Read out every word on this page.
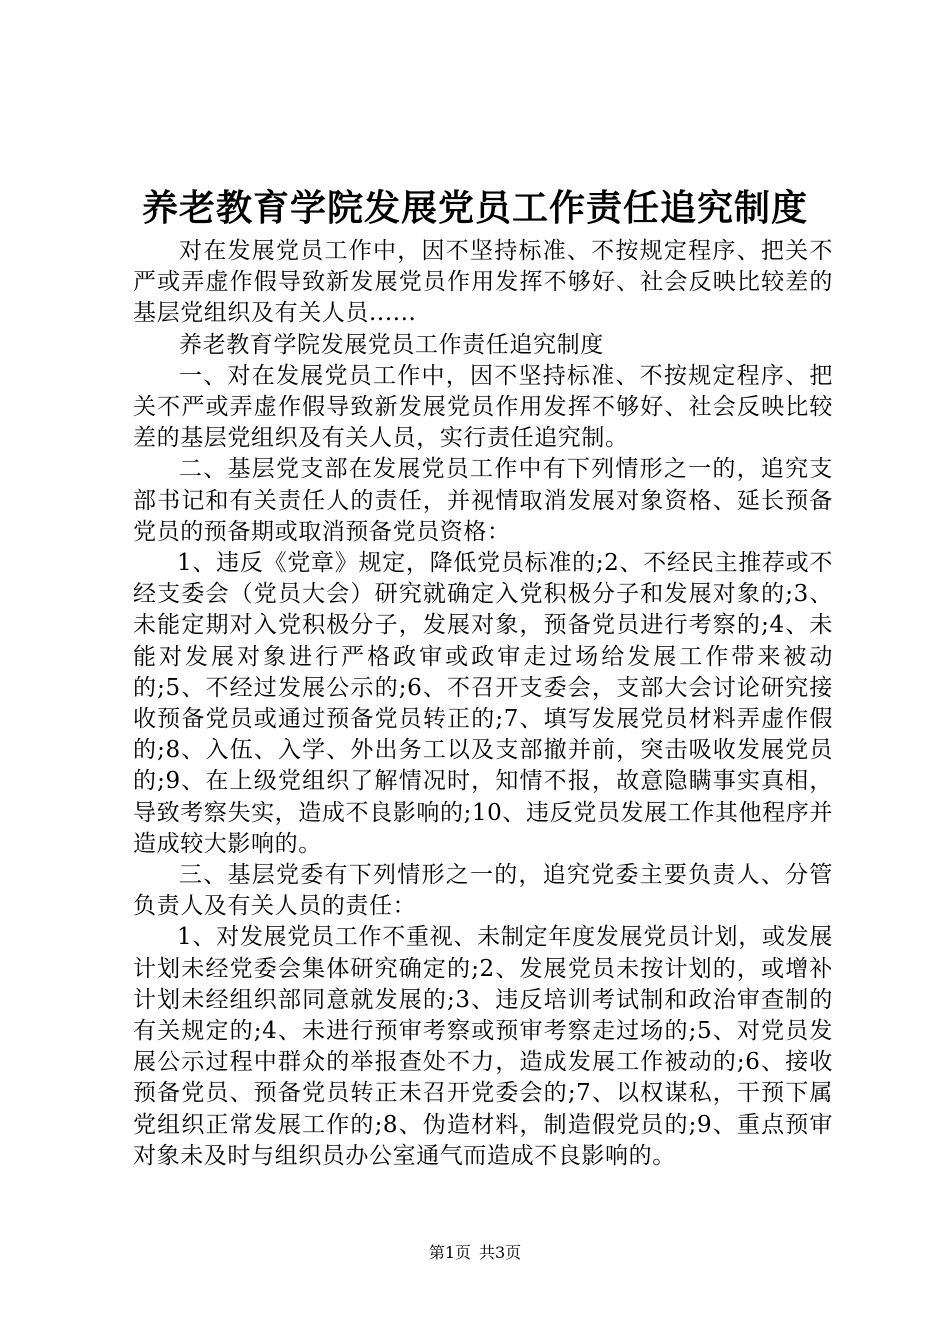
养老教育学院发展党员工作责任追究制度

对在发展党员工作中，因不坚持标准、不按规定程序、把关不严或弄虚作假导致新发展党员作用发挥不够好、社会反映比较差的基层党组织及有关人员......

养老教育学院发展党员工作责任追究制度

一、对在发展党员工作中，因不坚持标准、不按规定程序、把关不严或弄虚作假导致新发展党员作用发挥不够好、社会反映比较差的基层党组织及有关人员，实行责任追究制。

二、基层党支部在发展党员工作中有下列情形之一的，追究支部书记和有关责任人的责任，并视情取消发展对象资格、延长预备党员的预备期或取消预备党员资格：

1、违反《党章》规定，降低党员标准的;2、不经民主推荐或不经支委会（党员大会）研究就确定入党积极分子和发展对象的;3、未能定期对入党积极分子，发展对象，预备党员进行考察的;4、未能对发展对象进行严格政审或政审走过场给发展工作带来被动的;5、不经过发展公示的;6、不召开支委会，支部大会讨论研究接收预备党员或通过预备党员转正的;7、填写发展党员材料弄虚作假的;8、入伍、入学、外出务工以及支部撤并前，突击吸收发展党员的;9、在上级党组织了解情况时，知情不报，故意隐瞒事实真相，导致考察失实，造成不良影响的;10、违反党员发展工作其他程序并造成较大影响的。

三、基层党委有下列情形之一的，追究党委主要负责人、分管负责人及有关人员的责任：

1、对发展党员工作不重视、未制定年度发展党员计划，或发展计划未经党委会集体研究确定的;2、发展党员未按计划的，或增补计划未经组织部同意就发展的;3、违反培训考试制和政治审查制的有关规定的;4、未进行预审考察或预审考察走过场的;5、对党员发展公示过程中群众的举报查处不力，造成发展工作被动的;6、接收预备党员、预备党员转正未召开党委会的;7、以权谋私，干预下属党组织正常发展工作的;8、伪造材料，制造假党员的;9、重点预审对象未及时与组织员办公室通气而造成不良影响的。

第1页 共3页
